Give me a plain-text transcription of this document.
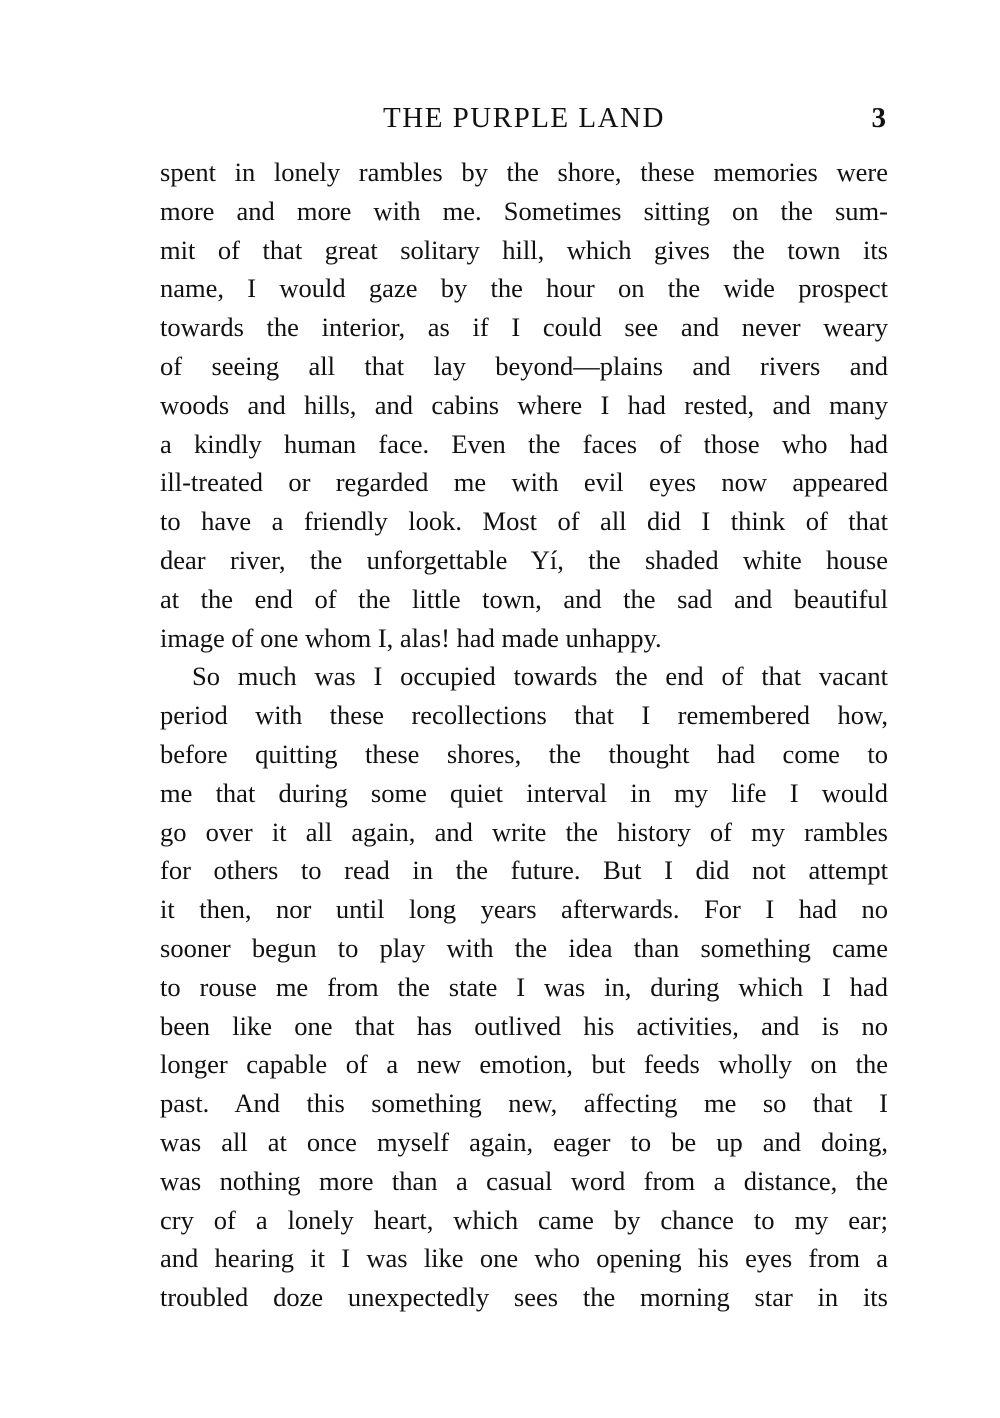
THE PURPLE LAND	3
spent in lonely rambles by the shore, these memories were
more and more with me. Sometimes sitting on the sum-
mit of that great solitary hill, which gives the town its
name, I would gaze by the hour on the wide prospect
towards the interior, as if I could see and never weary
of seeing all that lay beyond—plains and rivers and
woods and hills, and cabins where I had rested, and many
a kindly human face. Even the faces of those who had
ill-treated or regarded me with evil eyes now appeared
to have a friendly look. Most of all did I think of that
dear river, the unforgettable Yí, the shaded white house
at the end of the little town, and the sad and beautiful
image of one whom I, alas! had made unhappy.
So much was I occupied towards the end of that vacant
period with these recollections that I remembered how,
before quitting these shores, the thought had come to
me that during some quiet interval in my life I would
go over it all again, and write the history of my rambles
for others to read in the future. But I did not attempt
it then, nor until long years afterwards. For I had no
sooner begun to play with the idea than something came
to rouse me from the state I was in, during which I had
been like one that has outlived his activities, and is no
longer capable of a new emotion, but feeds wholly on the
past. And this something new, affecting me so that I
was all at once myself again, eager to be up and doing,
was nothing more than a casual word from a distance, the
cry of a lonely heart, which came by chance to my ear;
and hearing it I was like one who opening his eyes from a
troubled doze unexpectedly sees the morning star in its
